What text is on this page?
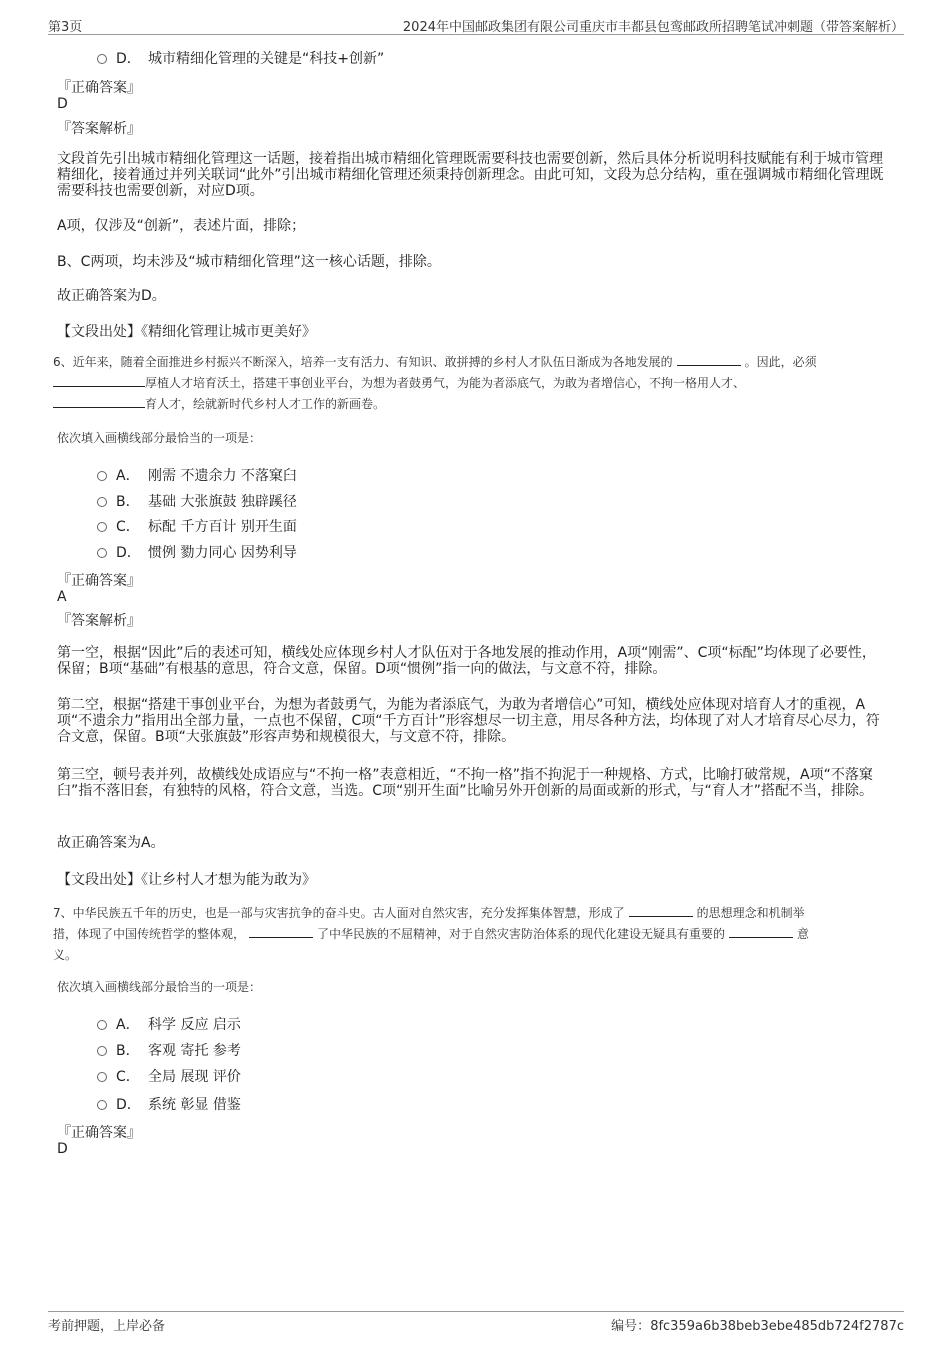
第3页	2024年中国邮政集团有限公司重庆市丰都县包鸾邮政所招聘笔试冲刺题（带答案解析）
D． 城市精细化管理的关键是“科技+创新”
『正确答案』
D
『答案解析』
文段首先引出城市精细化管理这一话题，接着指出城市精细化管理既需要科技也需要创新，然后具体分析说明科技赋能有利于城市管理精细化，接着通过并列关联词“此外”引出城市精细化管理还须秉持创新理念。由此可知，文段为总分结构，重在强调城市精细化管理既需要科技也需要创新，对应D项。
A项，仅涉及“创新”，表述片面，排除；
B、C两项，均未涉及“城市精细化管理”这一核心话题，排除。
故正确答案为D。
【文段出处】《精细化管理让城市更美好》
6、近年来，随着全面推进乡村振兴不断深入，培养一支有活力、有知识、敢拼搏的乡村人才队伍日渐成为各地发展的	。因此，必须
厚植人才培育沃土，搭建干事创业平台，为想为者鼓勇气，为能为者添底气，为敢为者增信心，不拘一格用人才、
育人才，绘就新时代乡村人才工作的新画卷。
依次填入画横线部分最恰当的一项是：
A． 刚需 不遗余力 不落窠臼
B． 基础 大张旗鼓 独辟蹊径
C． 标配 千方百计 别开生面
D． 惯例 勠力同心 因势利导
『正确答案』
A
『答案解析』
第一空，根据“因此”后的表述可知，横线处应体现乡村人才队伍对于各地发展的推动作用，A项“刚需”、C项“标配”均体现了必要性，保留；B项“基础”有根基的意思，符合文意，保留。D项“惯例”指一向的做法，与文意不符，排除。
第二空，根据“搭建干事创业平台，为想为者鼓勇气，为能为者添底气，为敢为者增信心”可知，横线处应体现对培育人才的重视，A项“不遗余力”指用出全部力量，一点也不保留，C项“千方百计”形容想尽一切主意，用尽各种方法，均体现了对人才培育尽心尽力，符合文意，保留。B项“大张旗鼓”形容声势和规模很大，与文意不符，排除。
第三空，顿号表并列，故横线处成语应与“不拘一格”表意相近，“不拘一格”指不拘泥于一种规格、方式，比喻打破常规，A项“不落窠臼”指不落旧套，有独特的风格，符合文意，当选。C项“别开生面”比喻另外开创新的局面或新的形式，与“育人才”搭配不当，排除。
故正确答案为A。
【文段出处】《让乡村人才想为能为敢为》
7、中华民族五千年的历史，也是一部与灾害抗争的奋斗史。古人面对自然灾害，充分发挥集体智慧，形成了	的思想理念和机制举
措，体现了中国传统哲学的整体观，	了中华民族的不屈精神，对于自然灾害防治体系的现代化建设无疑具有重要的	意
义。
依次填入画横线部分最恰当的一项是：
A． 科学 反应 启示
B． 客观 寄托 参考
C． 全局 展现 评价
D． 系统 彰显 借鉴
『正确答案』
D
考前押题，上岸必备	编号：8fc359a6b38beb3ebe485db724f2787c
